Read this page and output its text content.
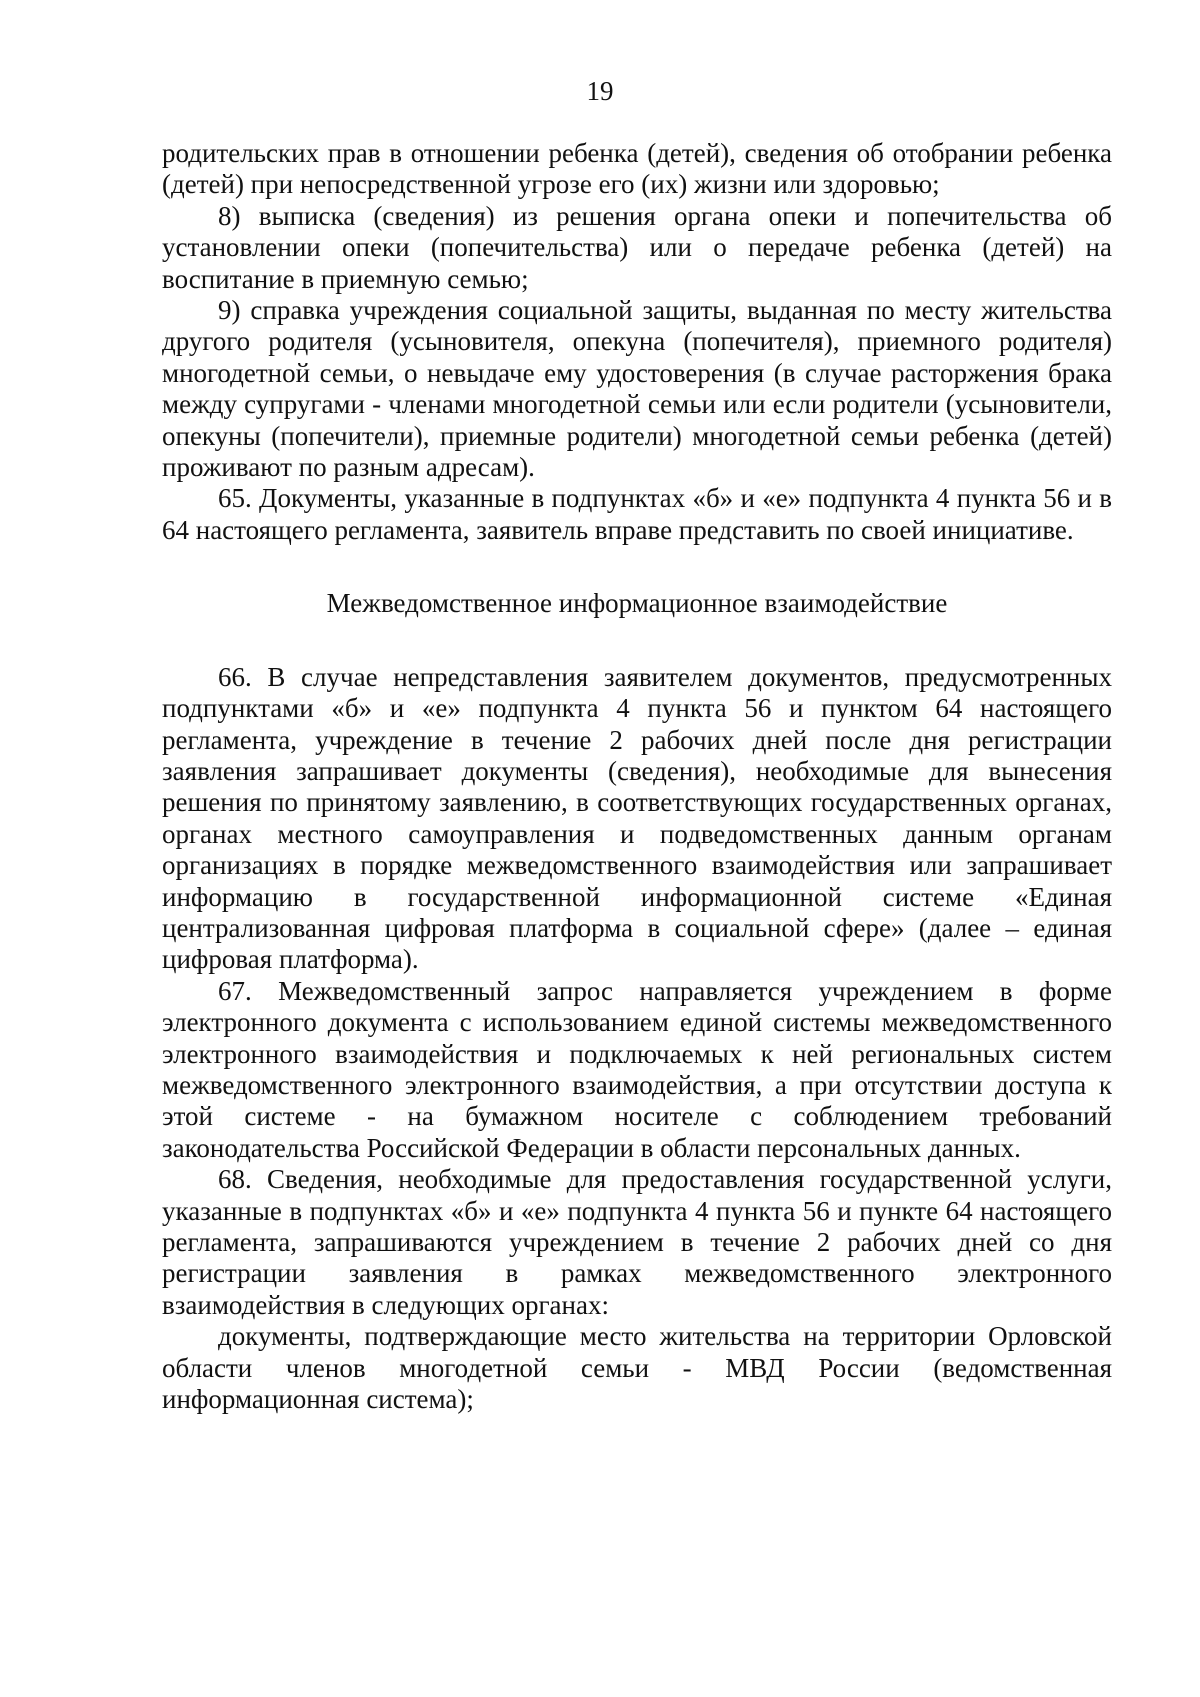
19

родительских прав в отношении ребенка (детей), сведения об отобрании ребенка (детей) при непосредственной угрозе его (их) жизни или здоровью;

8) выписка (сведения) из решения органа опеки и попечительства об установлении опеки (попечительства) или о передаче ребенка (детей) на воспитание в приемную семью;

9) справка учреждения социальной защиты, выданная по месту жительства другого родителя (усыновителя, опекуна (попечителя), приемного родителя) многодетной семьи, о невыдаче ему удостоверения (в случае расторжения брака между супругами - членами многодетной семьи или если родители (усыновители, опекуны (попечители), приемные родители) многодетной семьи ребенка (детей) проживают по разным адресам).

65. Документы, указанные в подпунктах «б» и «е» подпункта 4 пункта 56 и в 64 настоящего регламента, заявитель вправе представить по своей инициативе.

Межведомственное информационное взаимодействие

66. В случае непредставления заявителем документов, предусмотренных подпунктами «б» и «е» подпункта 4 пункта 56 и пунктом 64 настоящего регламента, учреждение в течение 2 рабочих дней после дня регистрации заявления запрашивает документы (сведения), необходимые для вынесения решения по принятому заявлению, в соответствующих государственных органах, органах местного самоуправления и подведомственных данным органам организациях в порядке межведомственного взаимодействия или запрашивает информацию в государственной информационной системе «Единая централизованная цифровая платформа в социальной сфере» (далее – единая цифровая платформа).

67. Межведомственный запрос направляется учреждением в форме электронного документа с использованием единой системы межведомственного электронного взаимодействия и подключаемых к ней региональных систем межведомственного электронного взаимодействия, а при отсутствии доступа к этой системе - на бумажном носителе с соблюдением требований законодательства Российской Федерации в области персональных данных.

68. Сведения, необходимые для предоставления государственной услуги, указанные в подпунктах «б» и «е» подпункта 4 пункта 56 и пункте 64 настоящего регламента, запрашиваются учреждением в течение 2 рабочих дней со дня регистрации заявления в рамках межведомственного электронного взаимодействия в следующих органах:

документы, подтверждающие место жительства на территории Орловской области членов многодетной семьи - МВД России (ведомственная информационная система);
